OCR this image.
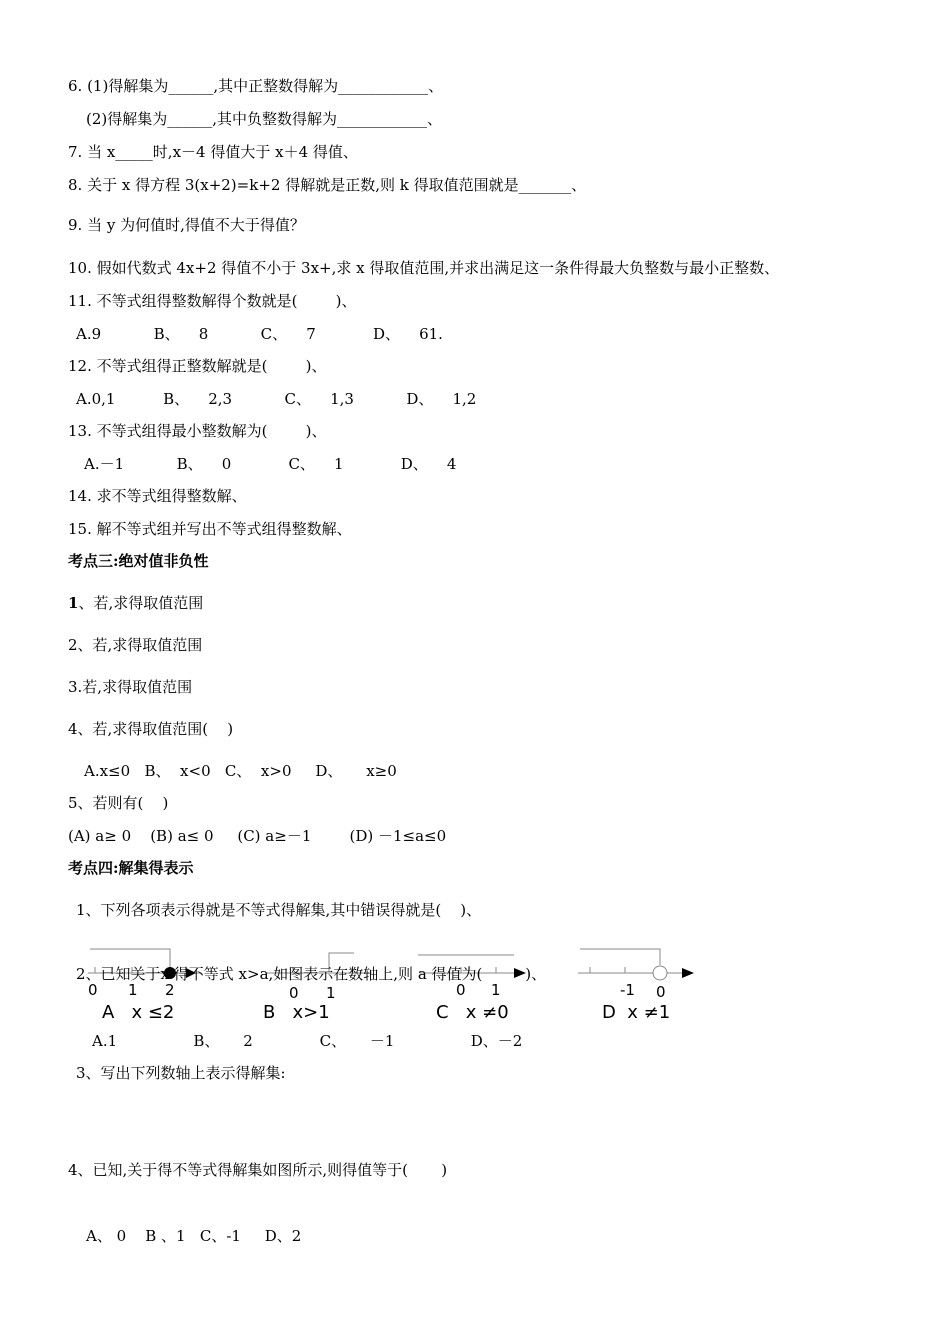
6. (1)得解集为______,其中正整数得解为____________、
(2)得解集为______,其中负整数得解为____________、
7. 当 x_____时,x－4 得值大于 x＋4 得值、
8. 关于 x 得方程 3(x+2)=k+2 得解就是正数,则 k 得取值范围就是_______、
9. 当 y 为何值时,得值不大于得值？
10. 假如代数式 4x+2 得值不小于 3x+,求 x 得取值范围,并求出满足这一条件得最大负整数与最小正整数、
11. 不等式组得整数解得个数就是(        )、
A.9           B、    8           C、    7            D、    61.
12. 不等式组得正整数解就是(        )、
A.0,1          B、    2,3           C、    1,3           D、    1,2
13. 不等式组得最小整数解为(        )、
A.－1           B、    0            C、    1            D、    4
14. 求不等式组得整数解、
15. 解不等式组并写出不等式组得整数解、
考点三:绝对值非负性
1、若,求得取值范围
2、若,求得取值范围
3.若,求得取值范围
4、若,求得取值范围(    )
A.x≤0   B、  x<0   C、  x>0     D、     x≥0
5、若则有(    )
(A) a≥ 0    (B) a≤ 0     (C) a≥－1        (D) －1≤a≤0
考点四:解集得表示
1、下列各项表示得就是不等式得解集,其中错误得就是(    )、
2、已知关于x 得不等式 x>a,如图表示在数轴上,则 a 得值为(         )、
0 1 2	0 1	0 1	-1 0
A   x ≤2	B   x>1	C   x ≠0	D  x ≠1
A.1                B、     2              C、     －1                D、－2
3、写出下列数轴上表示得解集:
4、已知,关于得不等式得解集如图所示,则得值等于(       )
A、 0    B 、1   C、-1     D、2
